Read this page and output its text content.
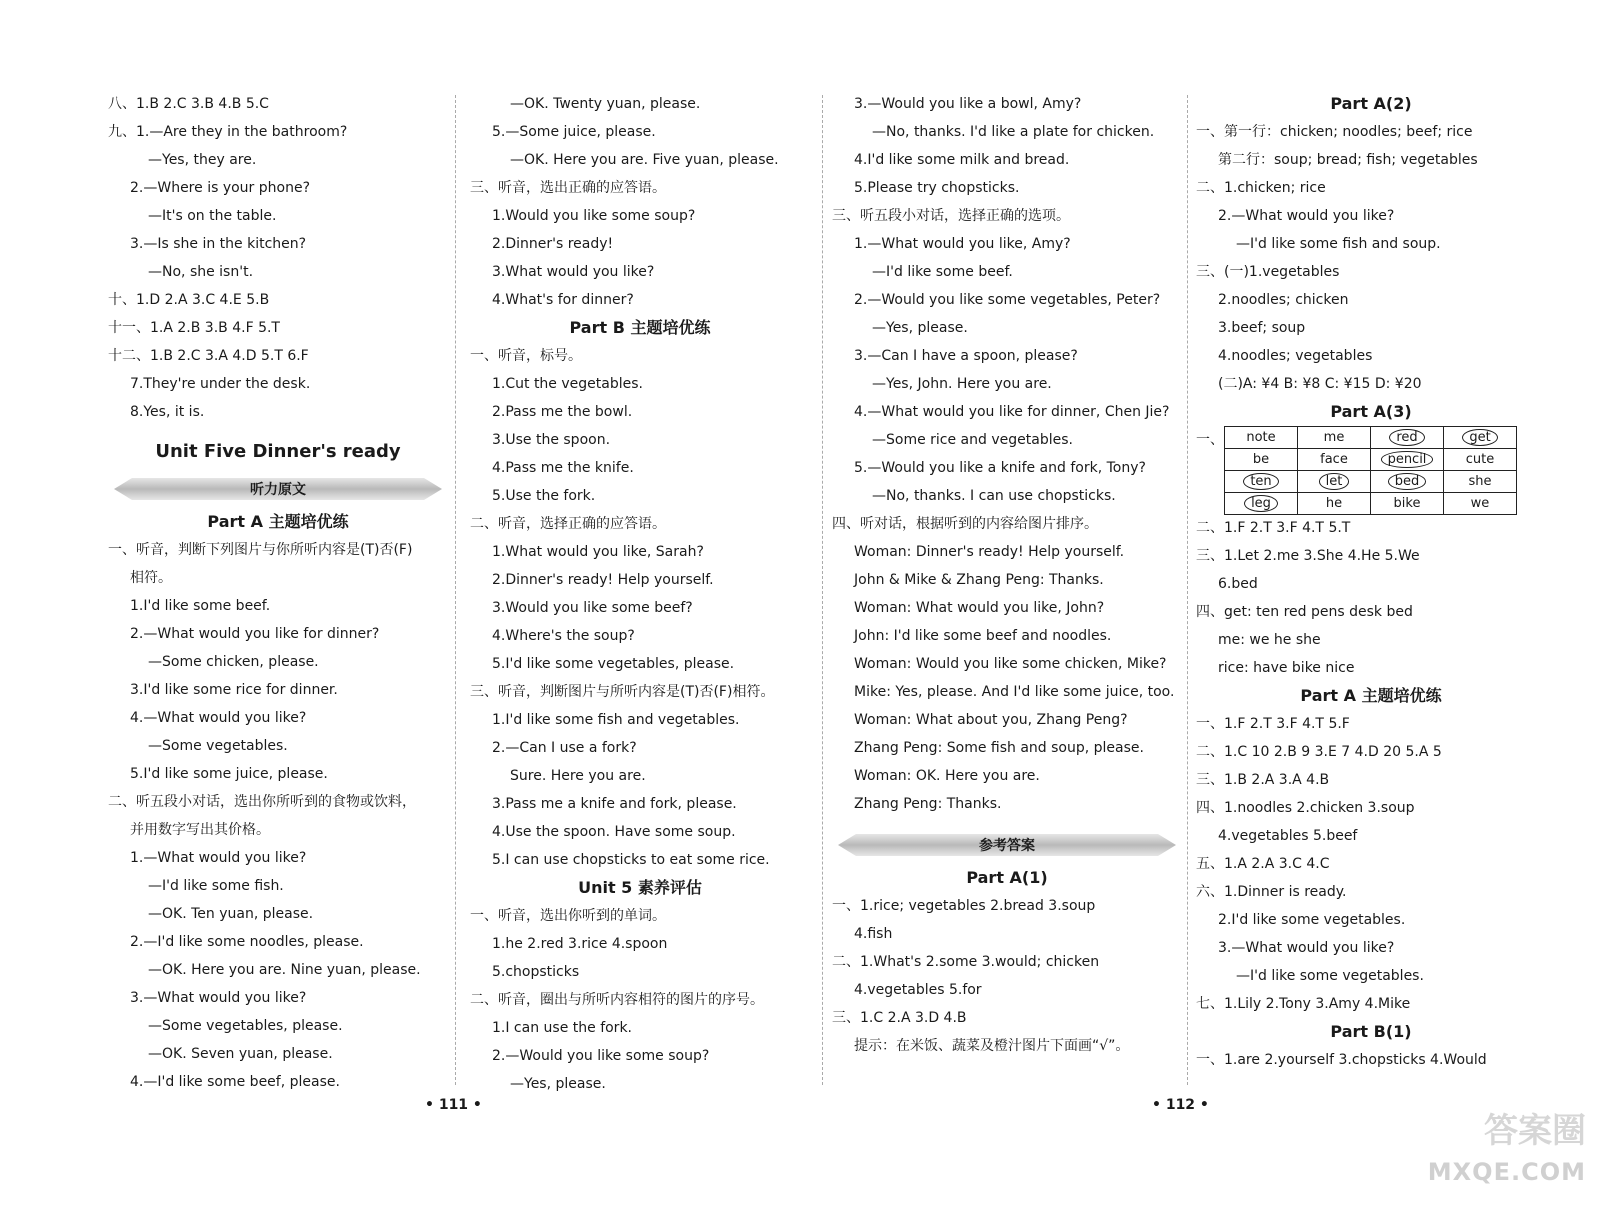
八、1.B 2.C 3.B 4.B 5.C
九、1.—Are they in the bathroom?
—Yes, they are.
2.—Where is your phone?
—It's on the table.
3.—Is she in the kitchen?
—No, she isn't.
十、1.D 2.A 3.C 4.E 5.B
十一、1.A 2.B 3.B 4.F 5.T
十二、1.B 2.C 3.A 4.D 5.T 6.F
7.They're under the desk.
8.Yes, it is.
Unit Five Dinner's ready
听力原文
Part A 主题培优练
一、听音，判断下列图片与你所听内容是(T)否(F)
相符。
1.I'd like some beef.
2.—What would you like for dinner?
—Some chicken, please.
3.I'd like some rice for dinner.
4.—What would you like?
—Some vegetables.
5.I'd like some juice, please.
二、听五段小对话，选出你所听到的食物或饮料，
并用数字写出其价格。
1.—What would you like?
—I'd like some fish.
—OK. Ten yuan, please.
2.—I'd like some noodles, please.
—OK. Here you are. Nine yuan, please.
3.—What would you like?
—Some vegetables, please.
—OK. Seven yuan, please.
4.—I'd like some beef, please.
—OK. Twenty yuan, please.
5.—Some juice, please.
—OK. Here you are. Five yuan, please.
三、听音，选出正确的应答语。
1.Would you like some soup?
2.Dinner's ready!
3.What would you like?
4.What's for dinner?
Part B 主题培优练
一、听音，标号。
1.Cut the vegetables.
2.Pass me the bowl.
3.Use the spoon.
4.Pass me the knife.
5.Use the fork.
二、听音，选择正确的应答语。
1.What would you like, Sarah?
2.Dinner's ready! Help yourself.
3.Would you like some beef?
4.Where's the soup?
5.I'd like some vegetables, please.
三、听音，判断图片与所听内容是(T)否(F)相符。
1.I'd like some fish and vegetables.
2.—Can I use a fork?
Sure. Here you are.
3.Pass me a knife and fork, please.
4.Use the spoon. Have some soup.
5.I can use chopsticks to eat some rice.
Unit 5 素养评估
一、听音，选出你听到的单词。
1.he 2.red 3.rice 4.spoon
5.chopsticks
二、听音，圈出与所听内容相符的图片的序号。
1.I can use the fork.
2.—Would you like some soup?
—Yes, please.
• 111 •
3.—Would you like a bowl, Amy?
—No, thanks. I'd like a plate for chicken.
4.I'd like some milk and bread.
5.Please try chopsticks.
三、听五段小对话，选择正确的选项。
1.—What would you like, Amy?
—I'd like some beef.
2.—Would you like some vegetables, Peter?
—Yes, please.
3.—Can I have a spoon, please?
—Yes, John. Here you are.
4.—What would you like for dinner, Chen Jie?
—Some rice and vegetables.
5.—Would you like a knife and fork, Tony?
—No, thanks. I can use chopsticks.
四、听对话，根据听到的内容给图片排序。
Woman: Dinner's ready! Help yourself.
John & Mike & Zhang Peng: Thanks.
Woman: What would you like, John?
John: I'd like some beef and noodles.
Woman: Would you like some chicken, Mike?
Mike: Yes, please. And I'd like some juice, too.
Woman: What about you, Zhang Peng?
Zhang Peng: Some fish and soup, please.
Woman: OK. Here you are.
Zhang Peng: Thanks.
参考答案
Part A(1)
一、1.rice; vegetables 2.bread 3.soup
4.fish
二、1.What's 2.some 3.would; chicken
4.vegetables 5.for
三、1.C 2.A 3.D 4.B
提示：在米饭、蔬菜及橙汁图片下面画“√”。
Part A(2)
一、第一行：chicken; noodles; beef; rice
第二行：soup; bread; fish; vegetables
二、1.chicken; rice
2.—What would you like?
—I'd like some fish and soup.
三、(一)1.vegetables
2.noodles; chicken
3.beef; soup
4.noodles; vegetables
(二)A: ¥4 B: ¥8 C: ¥15 D: ¥20
Part A(3)
一、 note	me	red	get
be	face	pencil	cute
ten	let	bed	she
leg	he	bike	we
二、1.F 2.T 3.F 4.T 5.T
三、1.Let 2.me 3.She 4.He 5.We
6.bed
四、get: ten red pens desk bed
me: we he she
rice: have bike nice
Part A 主题培优练
一、1.F 2.T 3.F 4.T 5.F
二、1.C 10 2.B 9 3.E 7 4.D 20 5.A 5
三、1.B 2.A 3.A 4.B
四、1.noodles 2.chicken 3.soup
4.vegetables 5.beef
五、1.A 2.A 3.C 4.C
六、1.Dinner is ready.
2.I'd like some vegetables.
3.—What would you like?
—I'd like some vegetables.
七、1.Lily 2.Tony 3.Amy 4.Mike
Part B(1)
一、1.are 2.yourself 3.chopsticks 4.Would
• 112 •
答案圈
MXQE.COM
